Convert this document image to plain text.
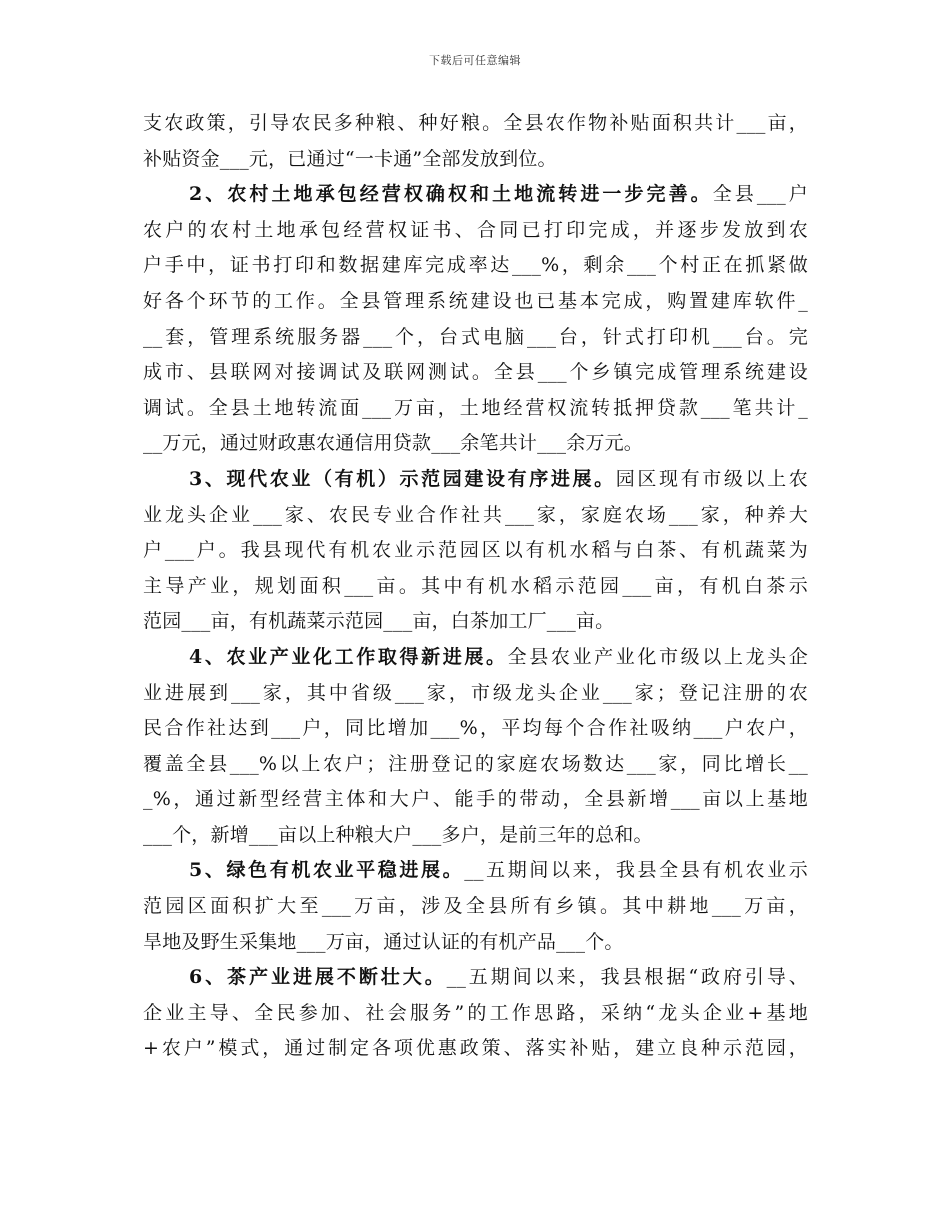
下载后可任意编辑
支农政策，引导农民多种粮、种好粮。全县农作物补贴面积共计___亩，
补贴资金___元，已通过“一卡通”全部发放到位。
2、农村土地承包经营权确权和土地流转进一步完善。全县___户
农户的农村土地承包经营权证书、合同已打印完成，并逐步发放到农
户手中，证书打印和数据建库完成率达___%，剩余___个村正在抓紧做
好各个环节的工作。全县管理系统建设也已基本完成，购置建库软件_
__套，管理系统服务器___个，台式电脑___台，针式打印机___台。完
成市、县联网对接调试及联网测试。全县___个乡镇完成管理系统建设
调试。全县土地转流面___万亩，土地经营权流转抵押贷款___笔共计_
__万元，通过财政惠农通信用贷款___余笔共计___余万元。
3、现代农业（有机）示范园建设有序进展。园区现有市级以上农
业龙头企业___家、农民专业合作社共___家，家庭农场___家，种养大
户___户。我县现代有机农业示范园区以有机水稻与白茶、有机蔬菜为
主导产业，规划面积___亩。其中有机水稻示范园___亩，有机白茶示
范园___亩，有机蔬菜示范园___亩，白茶加工厂___亩。
4、农业产业化工作取得新进展。全县农业产业化市级以上龙头企
业进展到___家，其中省级___家，市级龙头企业___家；登记注册的农
民合作社达到___户，同比增加___%，平均每个合作社吸纳___户农户，
覆盖全县___%以上农户；注册登记的家庭农场数达___家，同比增长__
_%，通过新型经营主体和大户、能手的带动，全县新增___亩以上基地
___个，新增___亩以上种粮大户___多户，是前三年的总和。
5、绿色有机农业平稳进展。__五期间以来，我县全县有机农业示
范园区面积扩大至___万亩，涉及全县所有乡镇。其中耕地___万亩，
旱地及野生采集地___万亩，通过认证的有机产品___个。
6、茶产业进展不断壮大。__五期间以来，我县根据“政府引导、
企业主导、全民参加、社会服务”的工作思路，采纳“龙头企业+基地
+农户”模式，通过制定各项优惠政策、落实补贴，建立良种示范园，
